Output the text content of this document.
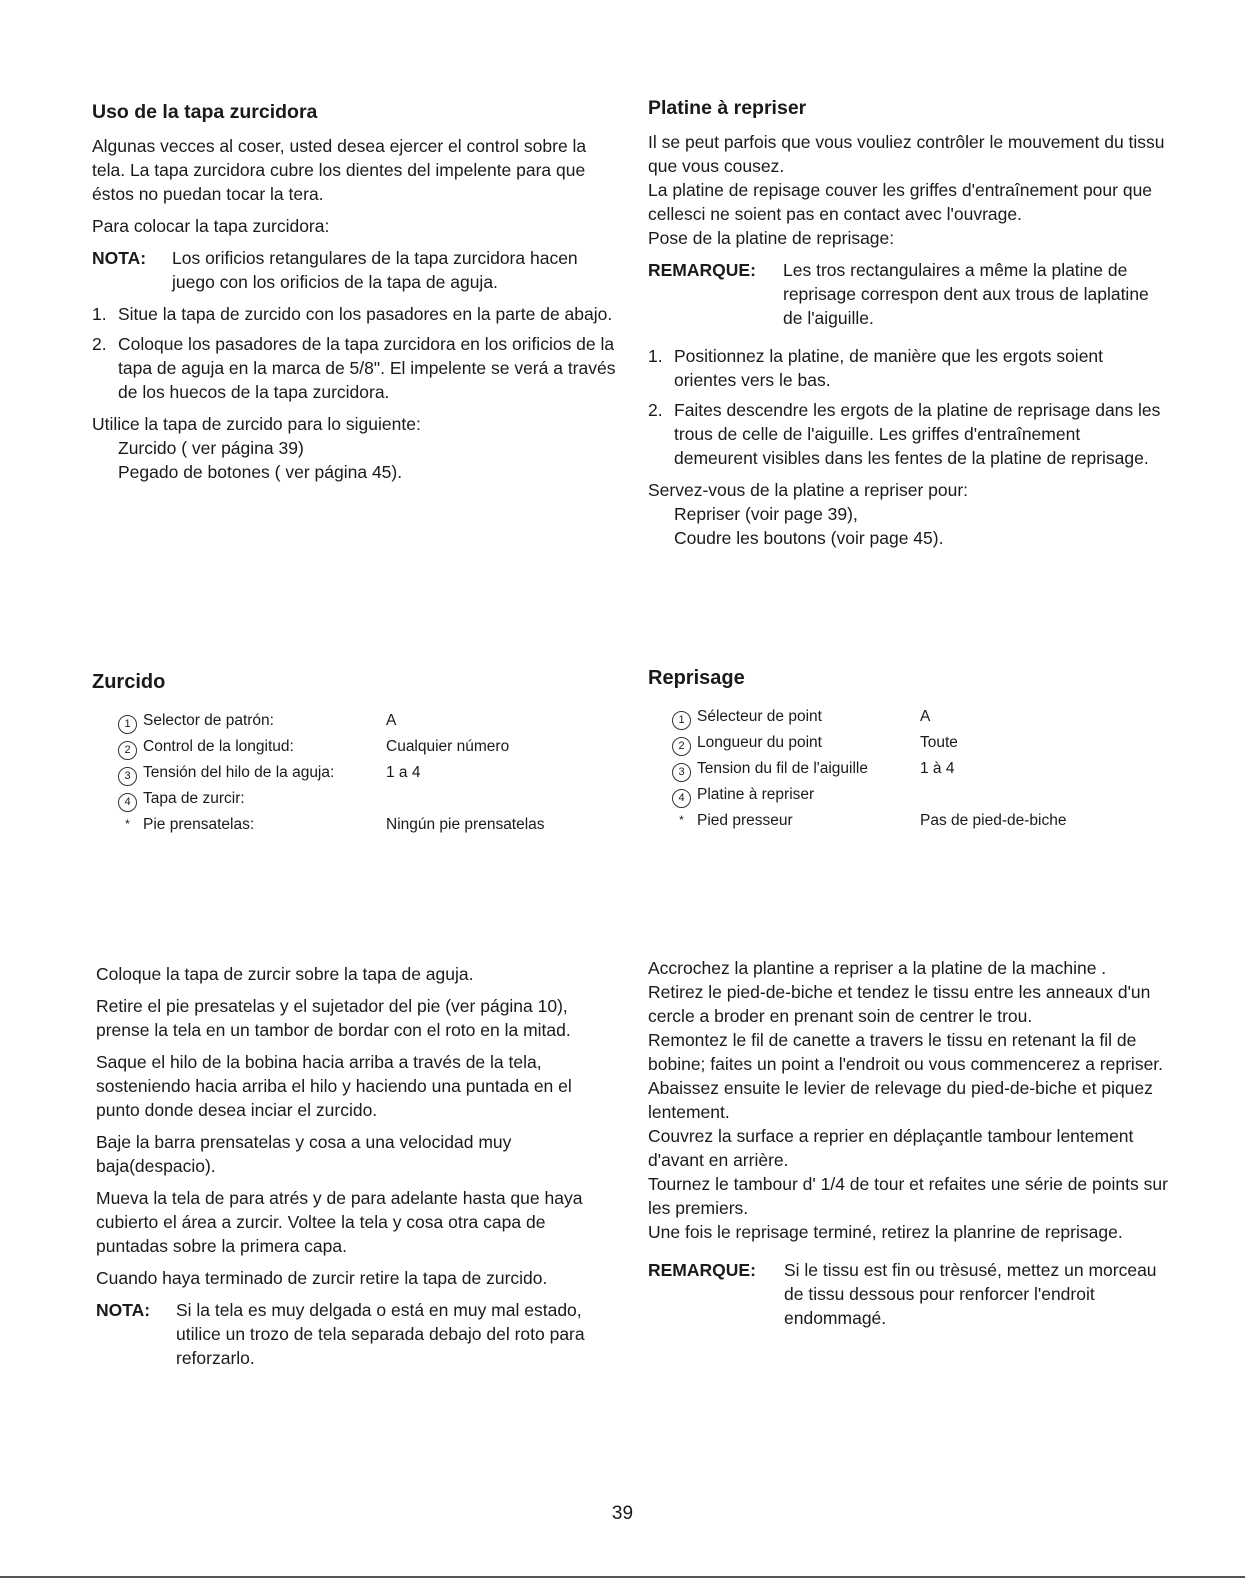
Uso de la tapa zurcidora

Algunas vecces al coser, usted desea ejercer el control sobre la tela. La tapa zurcidora cubre los dientes del impelente para que éstos no puedan tocar la tera.

Para colocar la tapa zurcidora:

NOTA:	Los orificios retangulares de la tapa zurcidora hacen juego con los orificios de la tapa de aguja.
1. Situe la tapa de zurcido con los pasadores en la parte de abajo.
2. Coloque los pasadores de la tapa zurcidora en los orificios de la tapa de aguja en la marca de 5/8". El impelente se verá a través de los huecos de la tapa zurcidora.
Utilice la tapa de zurcido para lo siguiente:
Zurcido ( ver página 39)
Pegado de botones ( ver página 45).
Platine à repriser
Il se peut parfois que vous vouliez contrôler le mouvement du tissu que vous cousez.
La platine de repisage couver les griffes d'entraînement pour que cellesci ne soient pas en contact avec l'ouvrage.

Pose de la platine de reprisage:

REMARQUE:	Les tros rectangulaires a même la platine de reprisage correspon dent aux trous de laplatine de l'aiguille.
1. Positionnez la platine, de manière que les ergots soient orientes vers le bas.
2. Faites descendre les ergots de la platine de reprisage dans les trous de celle de l'aiguille. Les griffes d'entraînement demeurent visibles dans les fentes de la platine de reprisage.
Servez-vous de la platine a repriser pour:
Repriser (voir page 39),
Coudre les boutons (voir page 45).
Zurcido
1 Selector de patrón:	A
2 Control de la longitud:	Cualquier número
3 Tensión del hilo de la aguja:	1 a 4
4 Tapa de zurcir:	
* Pie prensatelas:	Ningún pie prensatelas
Reprisage
1 Sélecteur de point	A
2 Longueur du point	Toute
3 Tension du fil de l'aiguille	1 à 4
4 Platine à repriser	
* Pied presseur	Pas de pied-de-biche

Coloque la tapa de zurcir sobre la tapa de aguja.

Retire el pie presatelas y el sujetador del pie (ver página 10), prense la tela en un tambor de bordar con el roto en la mitad.

Saque el hilo de la bobina hacia arriba a través de la tela, sosteniendo hacia arriba el hilo y haciendo una puntada en el punto donde desea inciar el zurcido.

Baje la barra prensatelas y cosa a una velocidad muy baja(despacio).

Mueva la tela de para atrés y de para adelante hasta que haya cubierto el área a zurcir. Voltee la tela y cosa otra capa de puntadas sobre la primera capa.

Cuando haya terminado de zurcir retire la tapa de zurcido.

NOTA:	Si la tela es muy delgada o está en muy mal estado, utilice un trozo de tela separada debajo del roto para reforzarlo.
Accrochez la plantine a repriser a la platine de la machine .
Retirez le pied-de-biche et tendez le tissu entre les anneaux d'un cercle a broder en prenant soin de centrer le trou.
Remontez le fil de canette a travers le tissu en retenant la fil de bobine; faites un point a l'endroit ou vous commencerez a repriser.
Abaissez ensuite le levier de relevage du pied-de-biche et piquez lentement.
Couvrez la surface a reprier en déplaçantle tambour lentement d'avant en arrière.
Tournez le tambour d' 1/4 de tour et refaites une série de points sur les premiers.

Une fois le reprisage terminé, retirez la planrine de reprisage.

REMARQUE:	Si le tissu est fin ou trèsusé, mettez un morceau de tissu dessous pour renforcer l'endroit endommagé.
39
